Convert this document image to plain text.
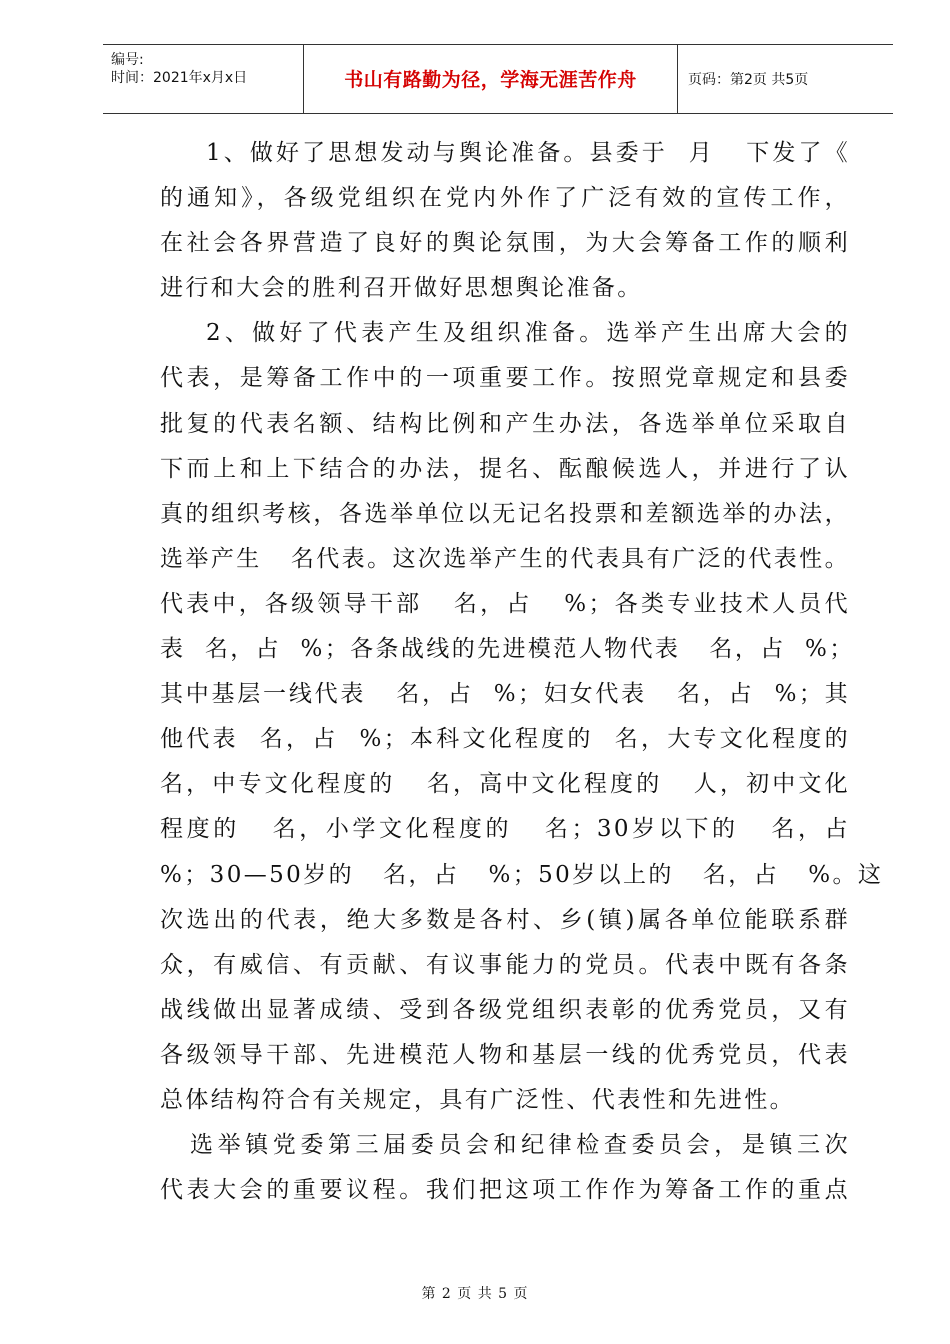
编号:
时间：2021年x月x日	书山有路勤为径，学海无涯苦作舟	页码：第2页 共5页
1、做好了思想发动与舆论准备。县委于  月   下发了《
的通知》，各级党组织在党内外作了广泛有效的宣传工作，
在社会各界营造了良好的舆论氛围，为大会筹备工作的顺利
进行和大会的胜利召开做好思想舆论准备。
2、做好了代表产生及组织准备。选举产生出席大会的
代表，是筹备工作中的一项重要工作。按照党章规定和县委
批复的代表名额、结构比例和产生办法，各选举单位采取自
下而上和上下结合的办法，提名、酝酿候选人，并进行了认
真的组织考核，各选举单位以无记名投票和差额选举的办法，
选举产生   名代表。这次选举产生的代表具有广泛的代表性。
代表中，各级领导干部   名，占   %；各类专业技术人员代
表  名，占  %；各条战线的先进模范人物代表   名，占  %；
其中基层一线代表   名，占  %；妇女代表   名，占  %；其
他代表  名，占  %；本科文化程度的  名，大专文化程度的
名，中专文化程度的   名，高中文化程度的   人，初中文化
程度的   名，小学文化程度的   名；30岁以下的   名，占
%；30—50岁的   名，占   %；50岁以上的   名，占   %。这
次选出的代表，绝大多数是各村、乡(镇)属各单位能联系群
众，有威信、有贡献、有议事能力的党员。代表中既有各条
战线做出显著成绩、受到各级党组织表彰的优秀党员，又有
各级领导干部、先进模范人物和基层一线的优秀党员，代表
总体结构符合有关规定，具有广泛性、代表性和先进性。
选举镇党委第三届委员会和纪律检查委员会，是镇三次
代表大会的重要议程。我们把这项工作作为筹备工作的重点
第 2 页 共 5 页
